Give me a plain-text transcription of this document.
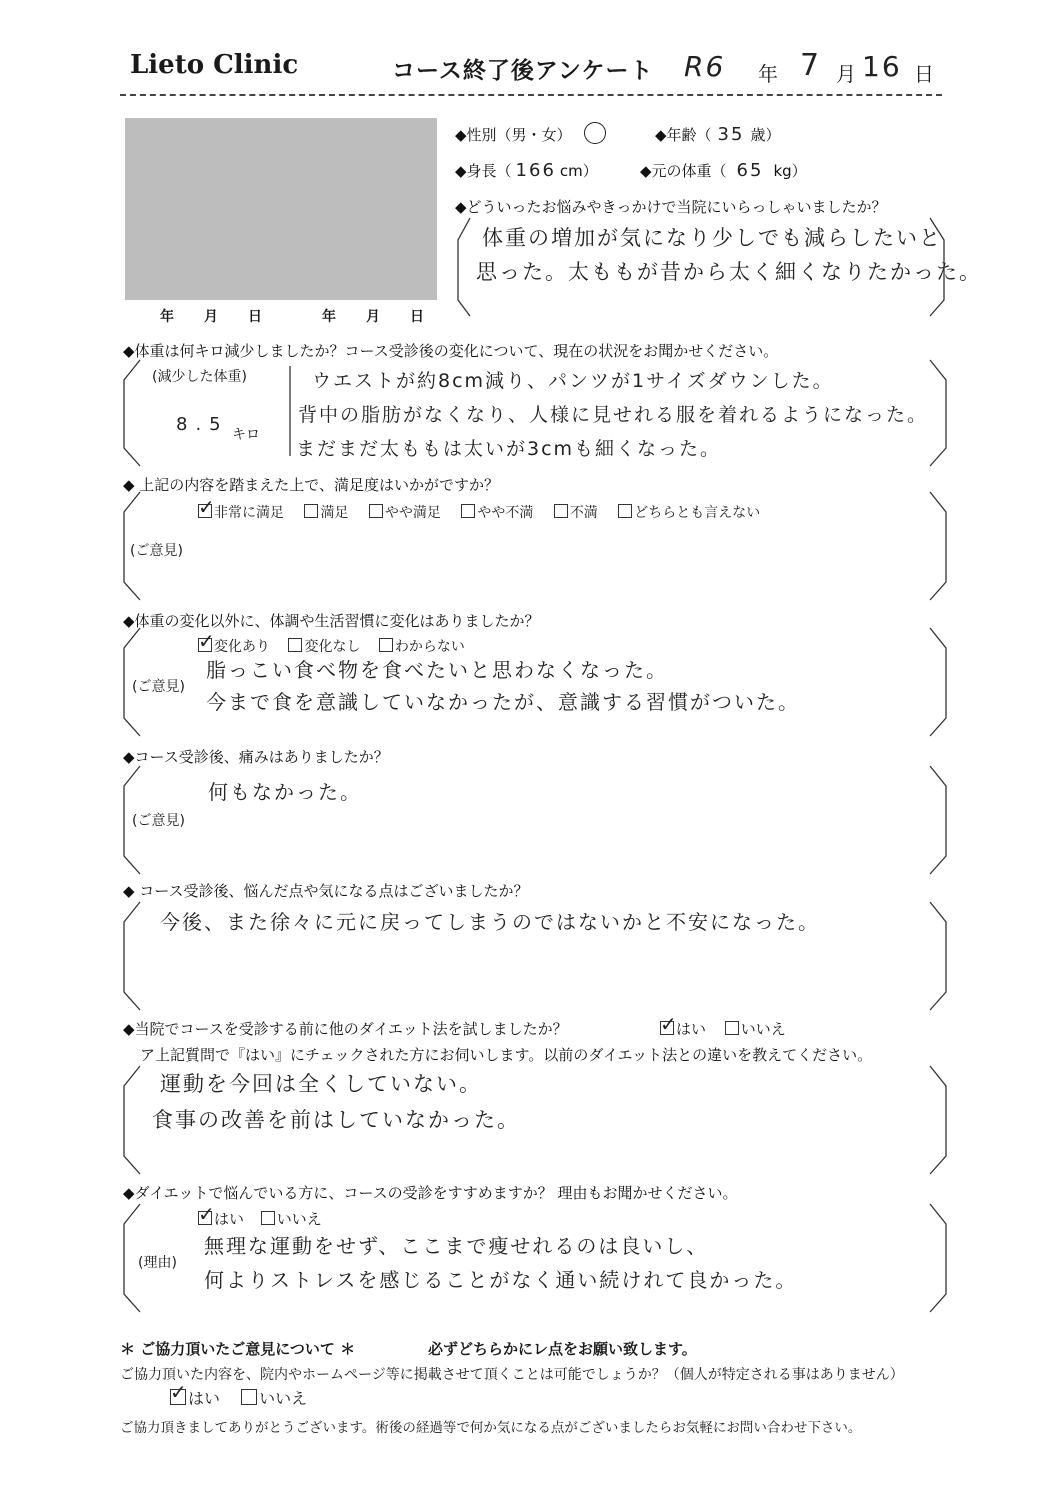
Lieto Clinic	コース終了後アンケート R6 年 7 月 16 日
年　月　日	年　月　日
◆性別（男・女）	◆年齢（ 35 歳）
◆身長（ 166 cm）	◆元の体重（ 65 kg）
◆どういったお悩みやきっかけで当院にいらっしゃいましたか？
体重の増加が気になり少しでも減らしたいと
思った。太ももが昔から太く細くなりたかった。
◆体重は何キロ減少しましたか？コース受診後の変化について、現在の状況をお聞かせください。
(減少した体重)
8.5 キロ
ウエストが約8cm減り、パンツが1サイズダウンした。
背中の脂肪がなくなり、人様に見せれる服を着れるようになった。
まだまだ太ももは太いが3cmも細くなった。
◆ 上記の内容を踏まえた上で、満足度はいかがですか？
✓非常に満足	満足	やや満足	やや不満	不満	どちらとも言えない
(ご意見)
◆体重の変化以外に、体調や生活習慣に変化はありましたか？
✓変化あり 変化なし わからない
(ご意見)
脂っこい食べ物を食べたいと思わなくなった。
今まで食を意識していなかったが、意識する習慣がついた。
◆コース受診後、痛みはありましたか？
何もなかった。
(ご意見)
◆ コース受診後、悩んだ点や気になる点はございましたか？
今後、また徐々に元に戻ってしまうのではないかと不安になった。
◆当院でコースを受診する前に他のダイエット法を試しましたか？ ✓	はい いいえ
ア上記質問で『はい』にチェックされた方にお伺いします。以前のダイエット法との違いを教えてください。
運動を今回は全くしていない。
食事の改善を前はしていなかった。
◆ダイエットで悩んでいる方に、コースの受診をすすめますか？ 理由もお聞かせください。
✓はい いいえ
(理由)
無理な運動をせず、ここまで痩せれるのは良いし、
何よりストレスを感じることがなく通い続けれて良かった。
＊ ご協力頂いたご意見について ＊	必ずどちらかにレ点をお願い致します。
ご協力頂いた内容を、院内やホームページ等に掲載させて頂くことは可能でしょうか？（個人が特定される事はありません）
✓はい いいえ
ご協力頂きましてありがとうございます。術後の経過等で何か気になる点がございましたらお気軽にお問い合わせ下さい。
